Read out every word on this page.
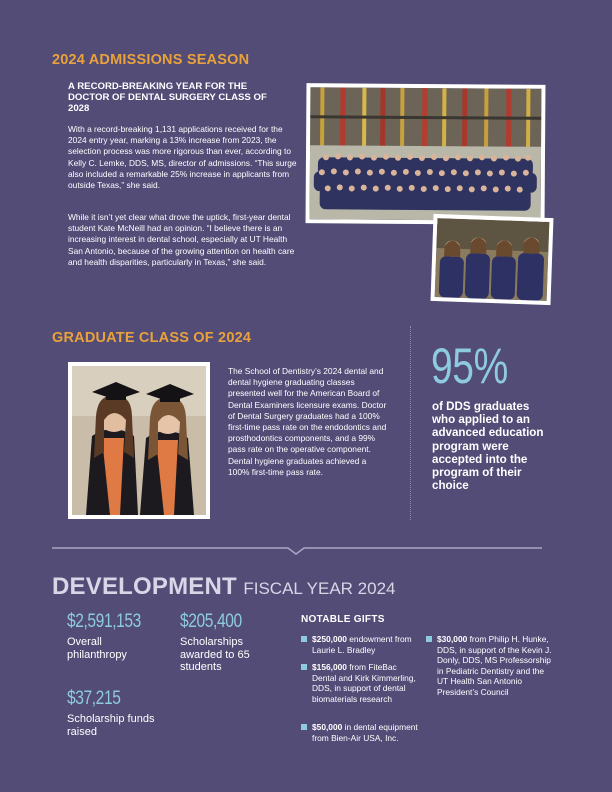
2024 ADMISSIONS SEASON
A RECORD-BREAKING YEAR FOR THE DOCTOR OF DENTAL SURGERY CLASS OF 2028
With a record-breaking 1,131 applications received for the 2024 entry year, marking a 13% increase from 2023, the selection process was more rigorous than ever, according to Kelly C. Lemke, DDS, MS, director of admissions. “This surge also included a remarkable 25% increase in applicants from outside Texas,” she said.
While it isn’t yet clear what drove the uptick, first-year dental student Kate McNeill had an opinion. “I believe there is an increasing interest in dental school, especially at UT Health San Antonio, because of the growing attention on health care and health disparities, particularly in Texas,” she said.
GRADUATE CLASS OF 2024
The School of Dentistry’s 2024 dental and dental hygiene graduating classes presented well for the American Board of Dental Examiners licensure exams. Doctor of Dental Surgery graduates had a 100% first-time pass rate on the endodontics and prosthodontics components, and a 99% pass rate on the operative component. Dental hygiene graduates achieved a 100% first-time pass rate.
95%
of DDS graduates who applied to an advanced education program were accepted into the program of their choice
DEVELOPMENT FISCAL YEAR 2024
$2,591,153
Overall philanthropy
$205,400
Scholarships awarded to 65 students
$37,215
Scholarship funds raised
NOTABLE GIFTS
$250,000 endowment from Laurie L. Bradley
$156,000 from FiteBac Dental and Kirk Kimmerling, DDS, in support of dental biomaterials research
$50,000 in dental equipment from Bien-Air USA, Inc.
$30,000 from Philip H. Hunke, DDS, in support of the Kevin J. Donly, DDS, MS Professorship in Pediatric Dentistry and the UT Health San Antonio President’s Council
